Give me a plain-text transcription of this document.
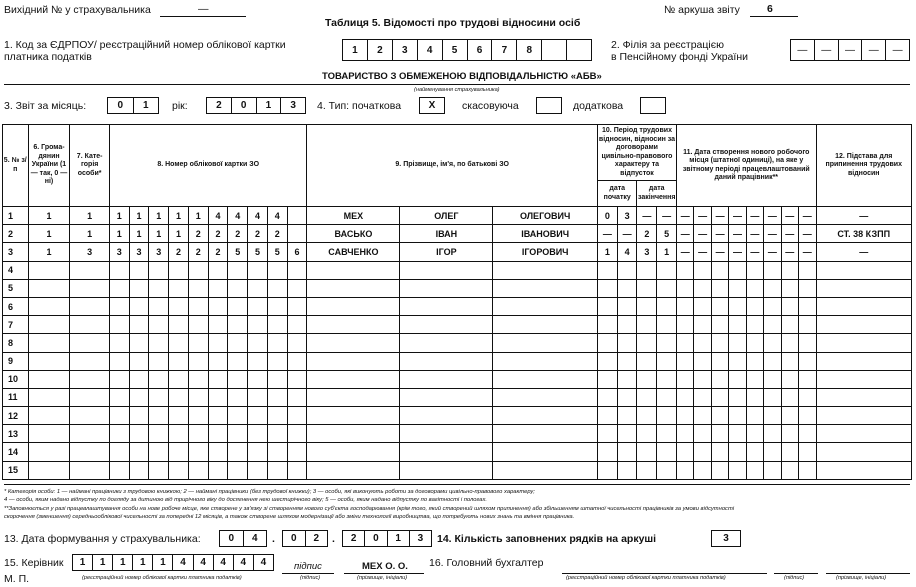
Вихідний № у страхувальника	—	№ аркуша звіту	6
Таблиця 5. Відомості про трудові відносини осіб
1. Код за ЄДРПОУ/ реєстраційний номер облікової картки
платника податків
1	2	3	4	5	6	7	8	2. Філія за реєстрацією
в Пенсійному фонді України
—	—	—	—	—
ТОВАРИСТВО З ОБМЕЖЕНОЮ ВІДПОВІДАЛЬНІСТЮ «АБВ»
(найменування страхувальника)
3. Звіт за місяць:	0	1	рік:	2	0	1	3	4. Тип: початкова	Х	скасовуюча	додаткова
5. № з/п	6. Грома-дянин України (1 — так, 0 — ні)	7. Кате-горія особи*	8. Номер облікової картки ЗО										9. Прізвище, ім'я, по батькові ЗО			10. Період трудових відносин, відносин за договорами цивільно-правового характеру та відпусток				11. Дата створення нового робочого місця (штатної одиниці), на яке у звітному періоді працевлаштований даний працівник**								12. Підстава для припинення трудових відносин
																дата початку		дата закінчення										
1	1	1	1	1	1	1	1	4	4	4	4		МЕХ	ОЛЕГ	ОЛЕГОВИЧ	0	3	—	—	—	—	—	—	—	—	—	—	—
2	1	1	1	1	1	1	2	2	2	2	2		ВАСЬКО	ІВАН	ІВАНОВИЧ	—	—	2	5	—	—	—	—	—	—	—	—	СТ. 38 КЗПП
3	1	3	3	3	3	2	2	2	5	5	5	6	САВЧЕНКО	ІГОР	ІГОРОВИЧ	1	4	3	1	—	—	—	—	—	—	—	—	—
4																												
5																												
6																												
7																												
8																												
9																												
10																												
11																												
12																												
13																												
14																												
15																												
* Категорія особи: 1 — наймані працівники з трудовою книжкою; 2 — наймані працівники (без трудової книжки); 3 — особи, які виконують роботи за договорами цивільно-правового характеру;
4 — особи, яким надано відпустку по догляду за дитиною від трирічного віку до досягнення нею шестирічного віку; 5 — особи, яким надано відпустку по вагітності і пологах.
**Заповнюється у разі працевлаштування особи на нове робоче місце, яке створене у зв'язку зі створенням нового суб'єкта господарювання (крім того, який створений шляхом припинення) або збільшенням штатної чисельності працівників за умови відсутності
скорочення (зменшення) середньооблікової чисельності за попередні 12 місяців, а також створене шляхом модернізації або зміни технології виробництва, що потребують нових знань та вміння працівника.
13. Дата формування у страхувальника:	0	4	.	0	2	.	2	0	1	3	14. Кількість заповнених рядків на аркуші	3
15. Керівник	1	1	1	1	1	4	4	4	4	4
(реєстраційний номер облікової картки платника податків)
підпис
(підпис)
МЕХ О. О.
(прізвище, ініціали)
16. Головний бухгалтер
(реєстраційний номер облікової картки платника податків)	(підпис)	(прізвище, ініціали)
М. П.
